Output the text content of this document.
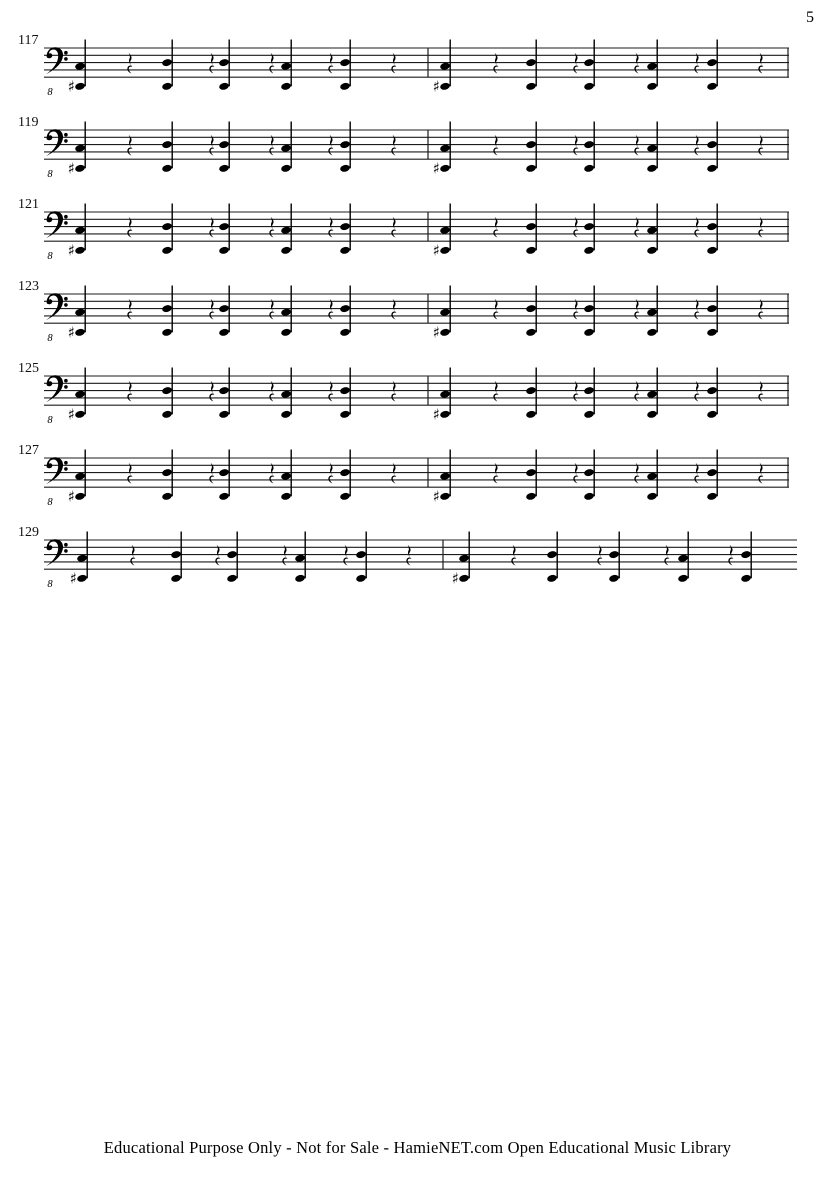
5
117
8 ♯	♯
119
8 ♯	♯
121
8 ♯	♯
123
8 ♯	♯
125
8 ♯	♯
127
8 ♯	♯
129
8 ♯	♯
Educational Purpose Only - Not for Sale - HamieNET.com Open Educational Music Library
